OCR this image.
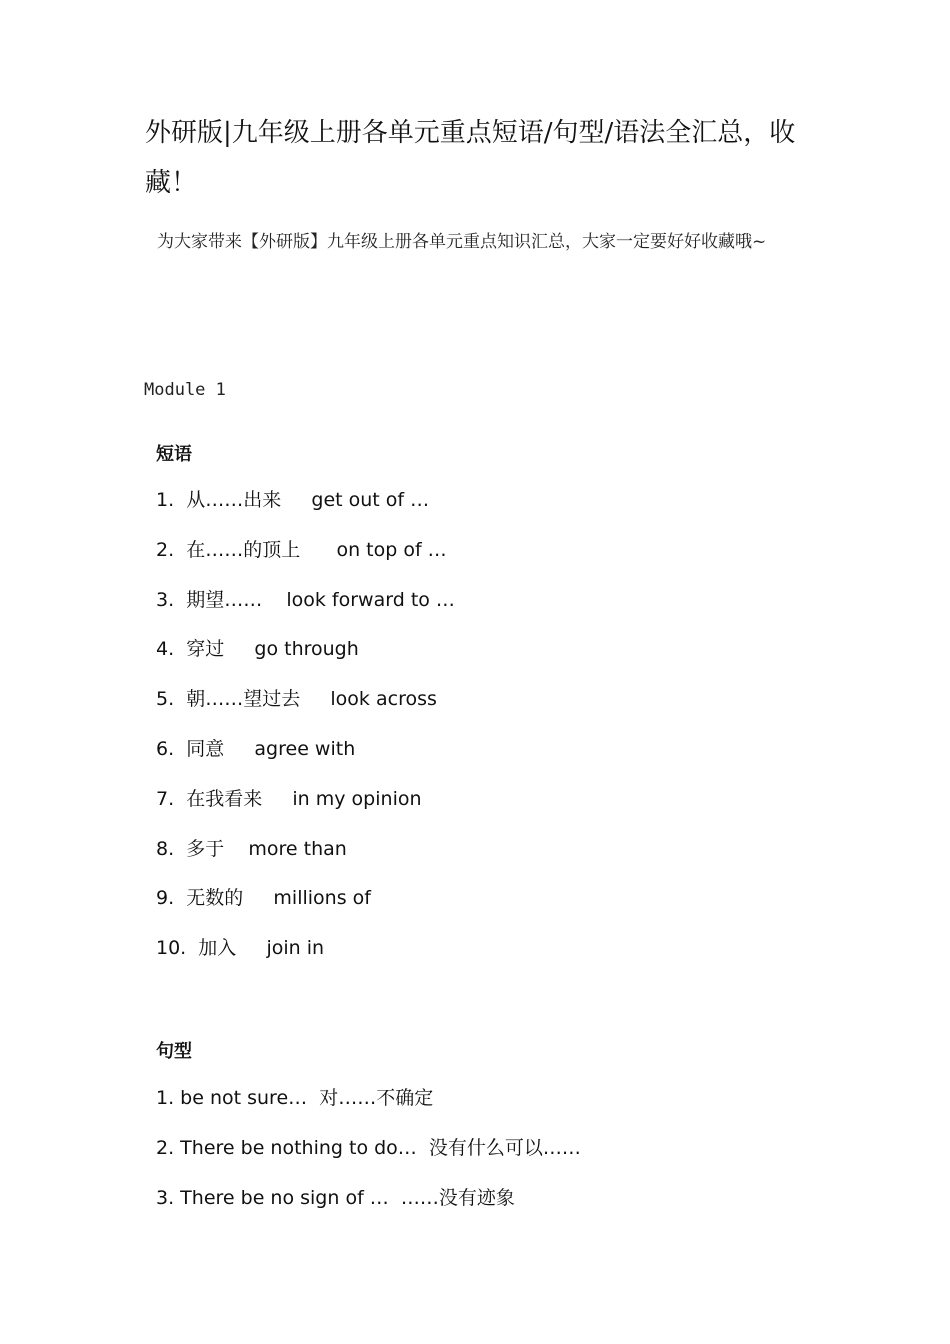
外研版|九年级上册各单元重点短语/句型/语法全汇总，收藏！

为大家带来【外研版】九年级上册各单元重点知识汇总，大家一定要好好收藏哦~

Module 1

短语
1.  从……出来     get out of …
2.  在……的顶上      on top of …
3.  期望……    look forward to …
4.  穿过     go through
5.  朝……望过去     look across
6.  同意     agree with
7.  在我看来     in my opinion
8.  多于    more than
9.  无数的     millions of
10.  加入     join in
句型
1. be not sure…  对……不确定
2. There be nothing to do…  没有什么可以……
3. There be no sign of …  ……没有迹象
